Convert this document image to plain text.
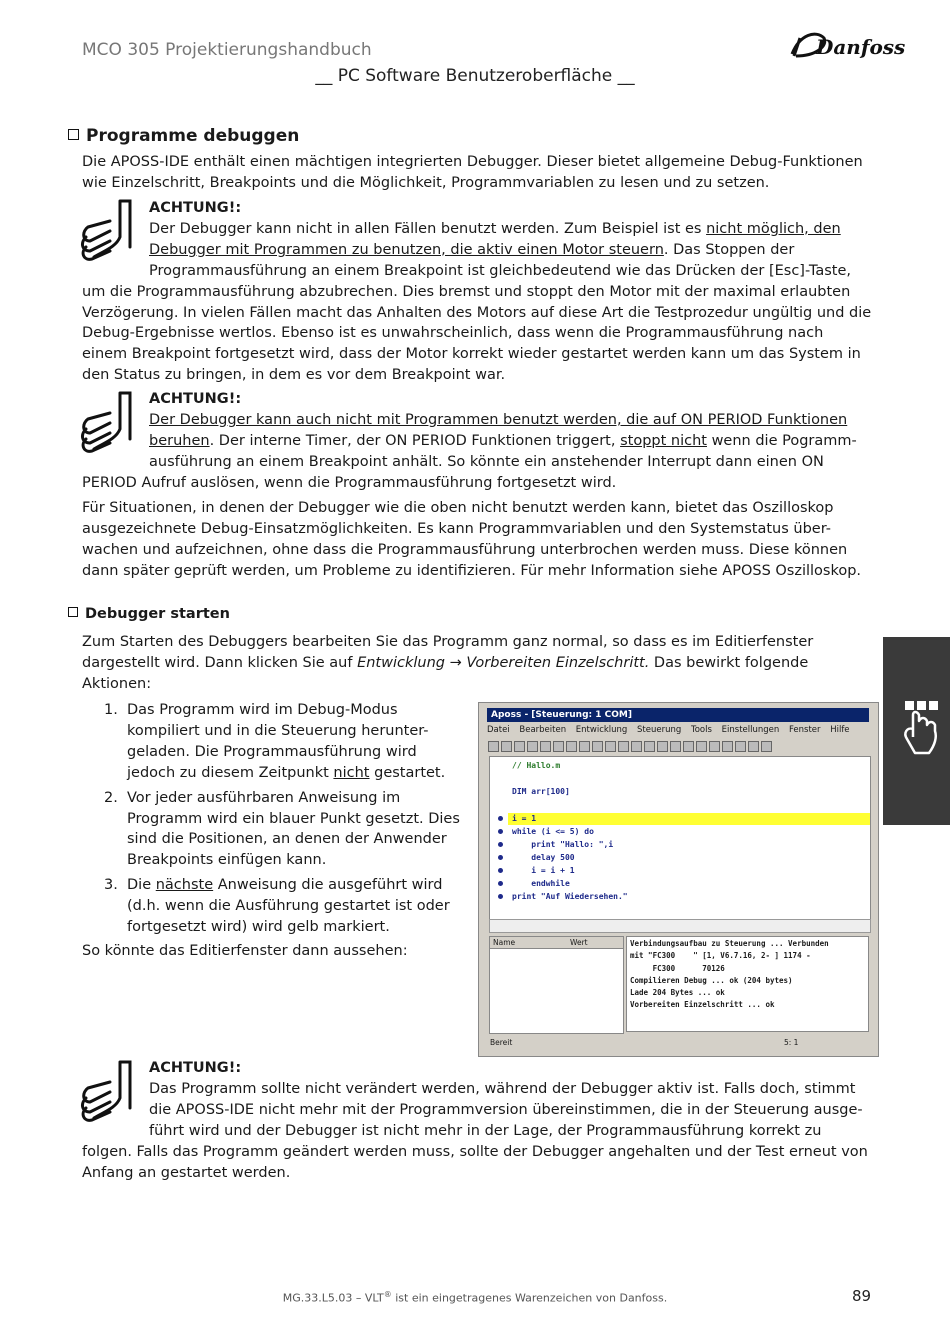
MCO 305 Projektierungshandbuch	Danfoss
__ PC Software Benutzeroberfläche __
Programme debuggen

Die APOSS-IDE enthält einen mächtigen integrierten Debugger. Dieser bietet allgemeine Debug-Funktionen wie Einzelschritt, Breakpoints und die Möglichkeit, Programmvariablen zu lesen und zu setzen.

ACHTUNG!:

Der Debugger kann nicht in allen Fällen benutzt werden. Zum Beispiel ist es nicht möglich, den

Debugger mit Programmen zu benutzen, die aktiv einen Motor steuern. Das Stoppen der

Programmausführung an einem Breakpoint ist gleichbedeutend wie das Drücken der [Esc]-Taste,

um die Programmausführung abzubrechen. Dies bremst und stoppt den Motor mit der maximal erlaubten Verzögerung. In vielen Fällen macht das Anhalten des Motors auf diese Art die Testprozedur ungültig und die Debug-Ergebnisse wertlos. Ebenso ist es unwahrscheinlich, dass wenn die Programmausführung nach einem Breakpoint fortgesetzt wird, dass der Motor korrekt wieder gestartet werden kann um das System in den Status zu bringen, in dem es vor dem Breakpoint war.

ACHTUNG!:

Der Debugger kann auch nicht mit Programmen benutzt werden, die auf ON PERIOD Funktionen

beruhen. Der interne Timer, der ON PERIOD Funktionen triggert, stoppt nicht wenn die Pogramm-

ausführung an einem Breakpoint anhält. So könnte ein anstehender Interrupt dann einen ON

PERIOD Aufruf auslösen, wenn die Programmausführung fortgesetzt wird.

Für Situationen, in denen der Debugger wie die oben nicht benutzt werden kann, bietet das Oszilloskop ausgezeichnete Debug-Einsatzmöglichkeiten. Es kann Programmvariablen und den Systemstatus über-wachen und aufzeichnen, ohne dass die Programmausführung unterbrochen werden muss. Diese können dann später geprüft werden, um Probleme zu identifizieren. Für mehr Information siehe APOSS Oszilloskop.

Debugger starten

Zum Starten des Debuggers bearbeiten Sie das Programm ganz normal, so dass es im Editierfenster dargestellt wird. Dann klicken Sie auf Entwicklung → Vorbereiten Einzelschritt. Das bewirkt folgende Aktionen:

1. Das Programm wird im Debug-Modus kompiliert und in die Steuerung herunter-geladen. Die Programmausführung wird jedoch zu diesem Zeitpunkt nicht gestartet.
2. Vor jeder ausführbaren Anweisung im Programm wird ein blauer Punkt gesetzt. Dies sind die Positionen, an denen der Anwender Breakpoints einfügen kann.
3. Die nächste Anweisung die ausgeführt wird (d.h. wenn die Ausführung gestartet ist oder fortgesetzt wird) wird gelb markiert.

So könnte das Editierfenster dann aussehen:

Aposs - [Steuerung: 1 COM]
Datei Bearbeiten Entwicklung Steuerung Tools Einstellungen Fenster Hilfe
// Hallo.m
DIM arr[100]
i = 1
while (i <= 5) do
print "Hallo: ",i
delay 500
i = i + 1
endwhile
print "Auf Wiedersehen."
Name	Wert	Verbindungsaufbau zu Steuerung ... Verbunden
mit "FC300    " [1, V6.7.16, 2- ] 1174 -
FC300      70126
Compilieren Debug ... ok (204 bytes)
Lade 204 Bytes ... ok
Vorbereiten Einzelschritt ... ok
Bereit	5: 1

ACHTUNG!:

Das Programm sollte nicht verändert werden, während der Debugger aktiv ist. Falls doch, stimmt

die APOSS-IDE nicht mehr mit der Programmversion übereinstimmen, die in der Steuerung ausge-

führt wird und der Debugger ist nicht mehr in der Lage, der Programmausführung korrekt zu

folgen. Falls das Programm geändert werden muss, sollte der Debugger angehalten und der Test erneut von Anfang an gestartet werden.

MG.33.L5.03 – VLT® ist ein eingetragenes Warenzeichen von Danfoss.	89
